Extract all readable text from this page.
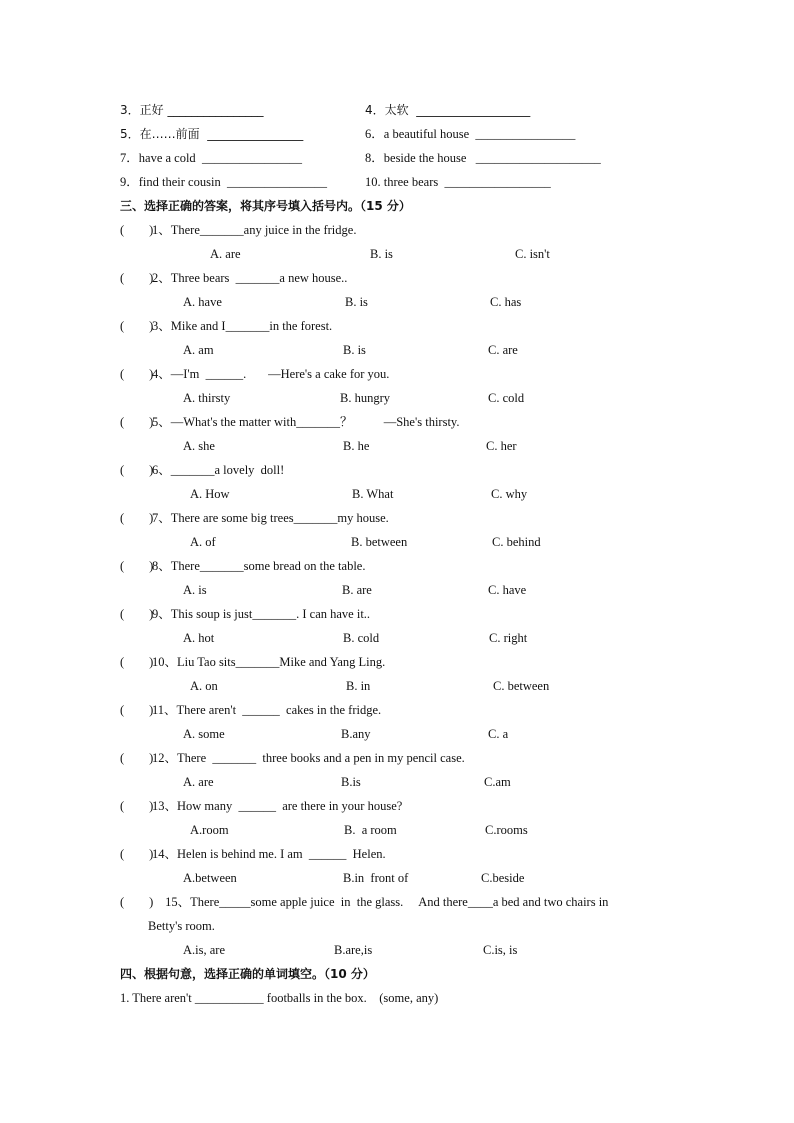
3．正好 ________________

	4．太软 ___________________

5．在……前面 ________________

	6．a beautiful house ________________

7．have a cold ________________

	8．beside the house ____________________

9．find their cousin ________________

	10. three bears _________________

三、选择正确的答案，将其序号填入括号内。（15 分）

(        )
1、There_______any juice in the fridge.
A. are	B. is	C. isn't
(        )
2、Three bears  _______a new house..
A. have	B. is	C. has
(        )
3、Mike and I_______in the forest.
A. am	B. is	C. are
(        )
4、—I'm  ______.       —Here's a cake for you.
A. thirsty	B. hungry	C. cold
(        )
5、—What's the matter with_______？          —She's thirsty.
A. she	B. he	C. her
(        )
6、_______a lovely  doll!
A. How	B. What	C. why
(        )
7、There are some big trees_______my house.
A. of	B. between	C. behind
(        )
8、There_______some bread on the table.
A. is	B. are	C. have
(        )
9、This soup is just_______. I can have it..
A. hot	B. cold	C. right
(        )
10、Liu Tao sits_______Mike and Yang Ling.
A. on	B. in	C. between
(        )
11、There aren't  ______  cakes in the fridge.
A. some	B.any	C. a
(        )
12、There  _______  three books and a pen in my pencil case.
A. are	B.is	C.am
(        )
13、How many  ______  are there in your house?
A.room	B.  a room	C.rooms
(        )
14、Helen is behind me. I am  ______  Helen.
A.between	B.in  front of	C.beside
(        ) 15、There_____some apple juice  in  the glass.     And there____a bed and two chairs in
Betty's room.
A.is, are	B.are,is	C.is, is

四、根据句意，选择正确的单词填空。（10 分）

1. There aren't ___________ footballs in the box.    (some, any)
